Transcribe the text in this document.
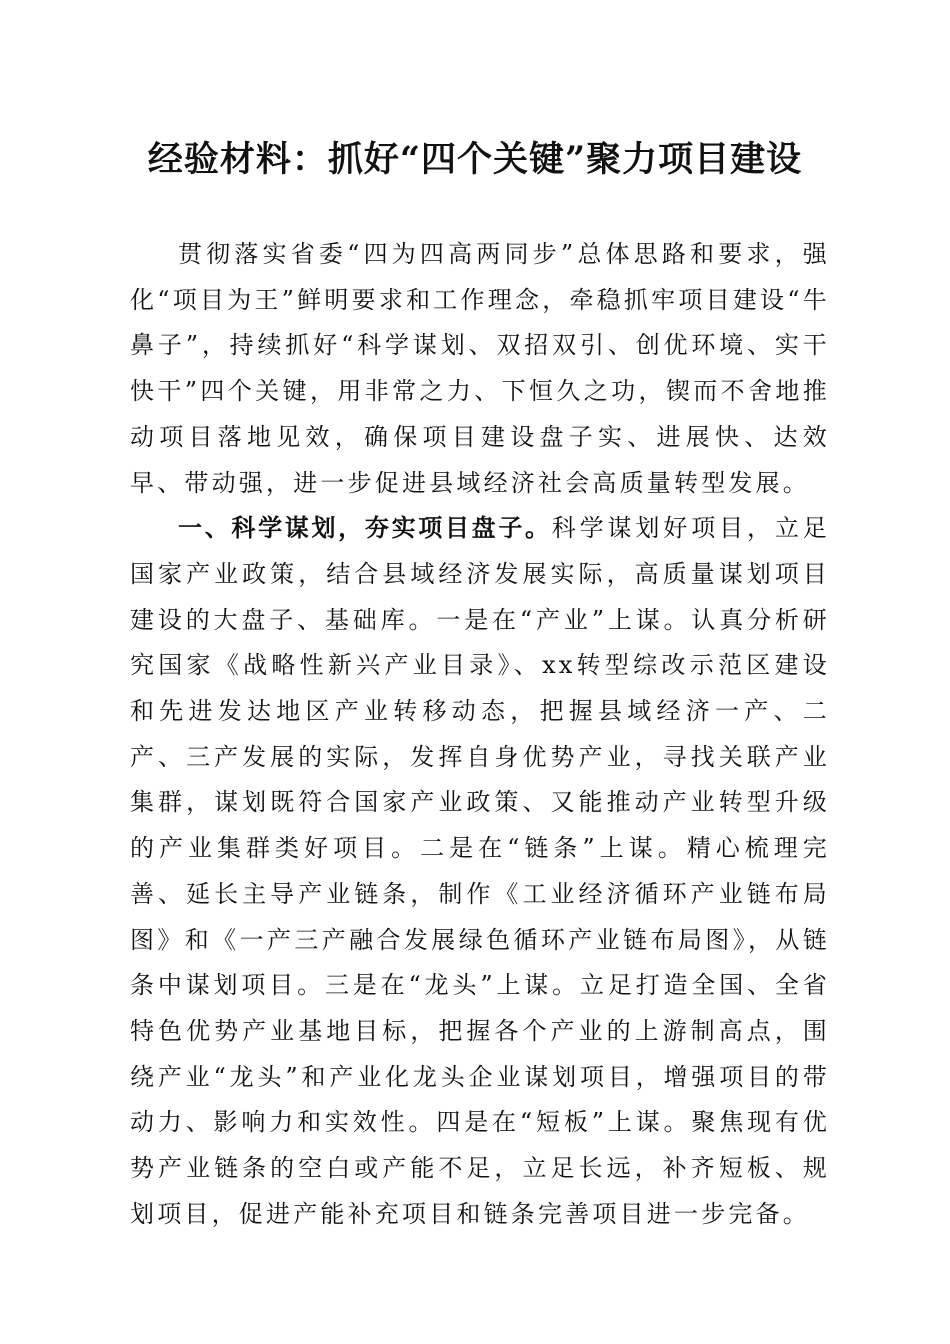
经验材料：抓好“四个关键”聚力项目建设

贯彻落实省委“四为四高两同步”总体思路和要求，强化“项目为王”鲜明要求和工作理念，牵稳抓牢项目建设“牛鼻子”，持续抓好“科学谋划、双招双引、创优环境、实干快干”四个关键，用非常之力、下恒久之功，锲而不舍地推动项目落地见效，确保项目建设盘子实、进展快、达效早、带动强，进一步促进县域经济社会高质量转型发展。

一、科学谋划，夯实项目盘子。科学谋划好项目，立足国家产业政策，结合县域经济发展实际，高质量谋划项目建设的大盘子、基础库。一是在“产业”上谋。认真分析研究国家《战略性新兴产业目录》、xx转型综改示范区建设和先进发达地区产业转移动态，把握县域经济一产、二产、三产发展的实际，发挥自身优势产业，寻找关联产业集群，谋划既符合国家产业政策、又能推动产业转型升级的产业集群类好项目。二是在“链条”上谋。精心梳理完善、延长主导产业链条，制作《工业经济循环产业链布局图》和《一产三产融合发展绿色循环产业链布局图》，从链条中谋划项目。三是在“龙头”上谋。立足打造全国、全省特色优势产业基地目标，把握各个产业的上游制高点，围绕产业“龙头”和产业化龙头企业谋划项目，增强项目的带动力、影响力和实效性。四是在“短板”上谋。聚焦现有优势产业链条的空白或产能不足，立足长远，补齐短板、规划项目，促进产能补充项目和链条完善项目进一步完备。
